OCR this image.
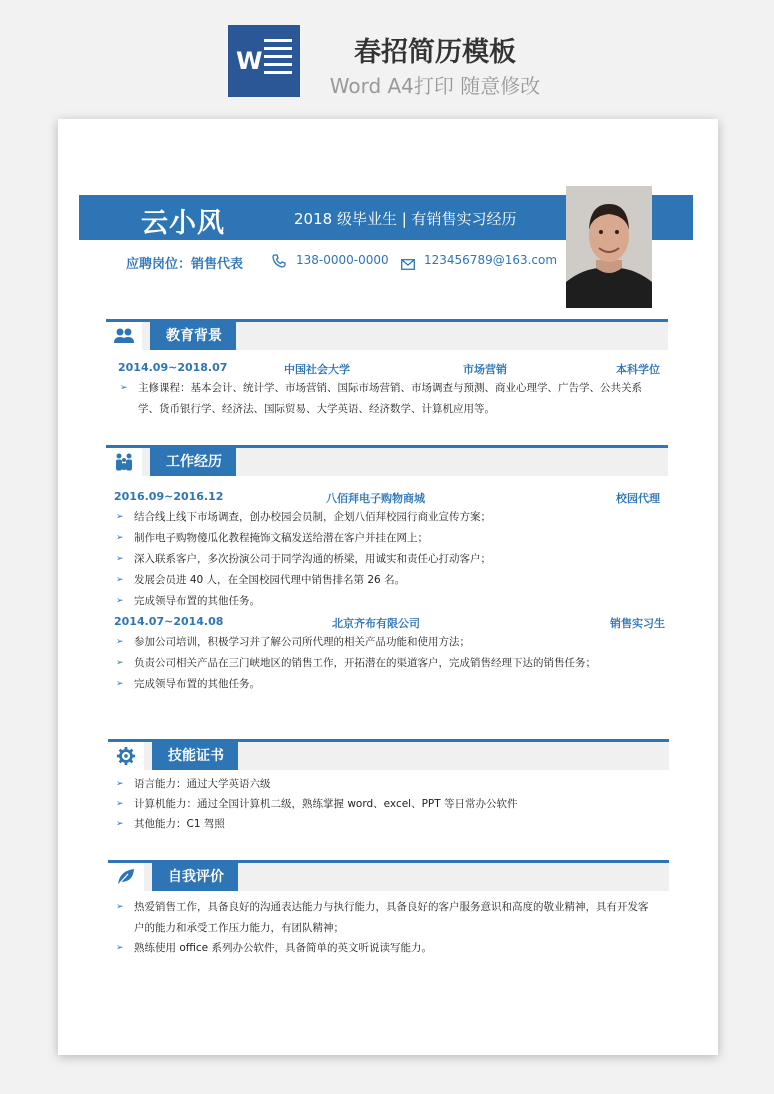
W	春招简历模板
Word A4打印 随意修改
云小风	2018 级毕业生 | 有销售实习经历
应聘岗位：销售代表	138-0000-0000	123456789@163.com
教育背景
2014.09~2018.07	中国社会大学	市场营销	本科学位
➢ 主修课程：基本会计、统计学、市场营销、国际市场营销、市场调查与预测、商业心理学、广告学、公共关系
学、货币银行学、经济法、国际贸易、大学英语、经济数学、计算机应用等。
工作经历
2016.09~2016.12	八佰拜电子购物商城	校园代理
➢ 结合线上线下市场调查，创办校园会员制，企划八佰拜校园行商业宣传方案；
➢ 制作电子购物傻瓜化教程掩饰文稿发送给潜在客户并挂在网上；
➢ 深入联系客户，多次扮演公司于同学沟通的桥梁，用诚实和责任心打动客户；
➢ 发展会员进 40 人，在全国校园代理中销售排名第 26 名。
➢ 完成领导布置的其他任务。
2014.07~2014.08	北京齐布有限公司	销售实习生
➢ 参加公司培训，积极学习并了解公司所代理的相关产品功能和使用方法；
➢ 负责公司相关产品在三门峡地区的销售工作，开拓潜在的渠道客户，完成销售经理下达的销售任务；
➢ 完成领导布置的其他任务。
技能证书
➢ 语言能力：通过大学英语六级
➢ 计算机能力：通过全国计算机二级，熟练掌握 word、excel、PPT 等日常办公软件
➢ 其他能力：C1 驾照
自我评价
➢ 热爱销售工作，具备良好的沟通表达能力与执行能力，具备良好的客户服务意识和高度的敬业精神，具有开发客
户的能力和承受工作压力能力，有团队精神；
➢ 熟练使用 office 系列办公软件，具备简单的英文听说读写能力。
